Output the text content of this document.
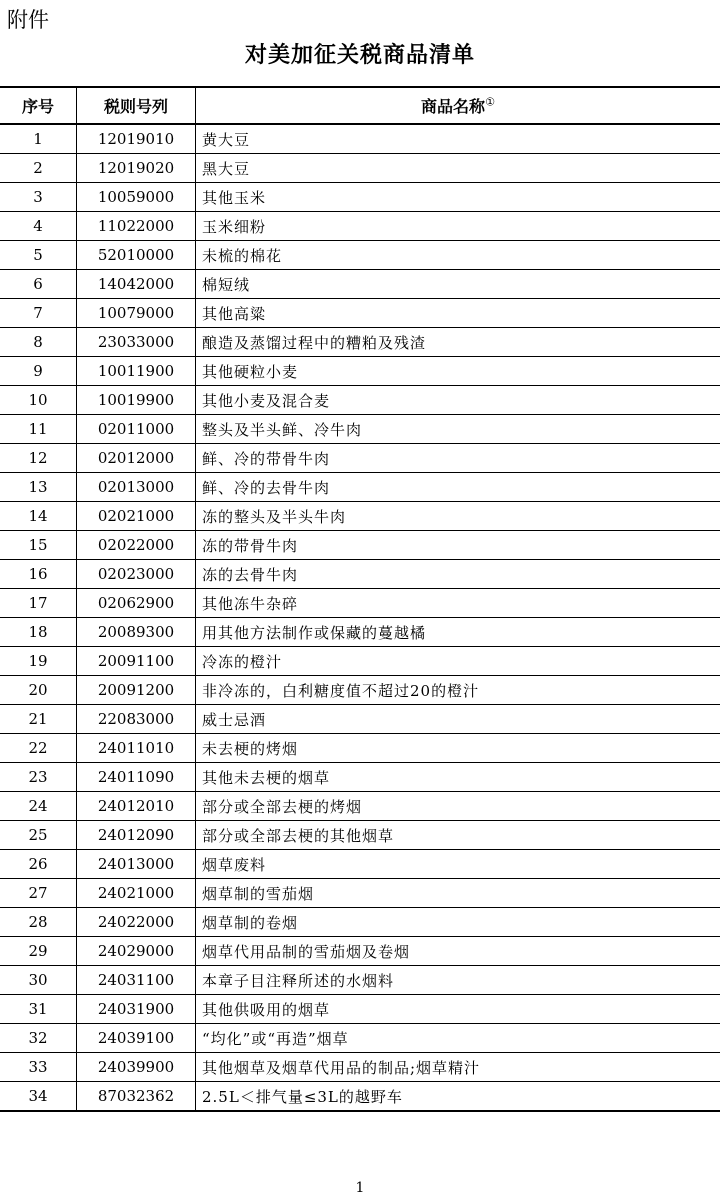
附件
对美加征关税商品清单
序号	税则号列	商品名称①
1	12019010	黄大豆
2	12019020	黑大豆
3	10059000	其他玉米
4	11022000	玉米细粉
5	52010000	未梳的棉花
6	14042000	棉短绒
7	10079000	其他高粱
8	23033000	酿造及蒸馏过程中的糟粕及残渣
9	10011900	其他硬粒小麦
10	10019900	其他小麦及混合麦
11	02011000	整头及半头鲜、冷牛肉
12	02012000	鲜、冷的带骨牛肉
13	02013000	鲜、冷的去骨牛肉
14	02021000	冻的整头及半头牛肉
15	02022000	冻的带骨牛肉
16	02023000	冻的去骨牛肉
17	02062900	其他冻牛杂碎
18	20089300	用其他方法制作或保藏的蔓越橘
19	20091100	冷冻的橙汁
20	20091200	非冷冻的，白利糖度值不超过20的橙汁
21	22083000	威士忌酒
22	24011010	未去梗的烤烟
23	24011090	其他未去梗的烟草
24	24012010	部分或全部去梗的烤烟
25	24012090	部分或全部去梗的其他烟草
26	24013000	烟草废料
27	24021000	烟草制的雪茄烟
28	24022000	烟草制的卷烟
29	24029000	烟草代用品制的雪茄烟及卷烟
30	24031100	本章子目注释所述的水烟料
31	24031900	其他供吸用的烟草
32	24039100	“均化”或“再造”烟草
33	24039900	其他烟草及烟草代用品的制品;烟草精汁
34	87032362	2.5L＜排气量≤3L的越野车
1
